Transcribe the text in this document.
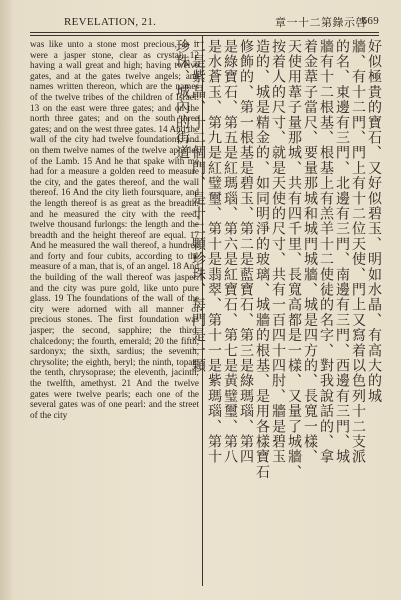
REVELATION, 21.	章一十二第錄示啓
669

was like unto a stone most precious, as it were a jasper stone, clear as crystal; 12 having a wall great and high; having twelve gates, and at the gates twelve angels; and names written thereon, which are the names of the twelve tribes of the children of Israel: 13 on the east were three gates; and on the north three gates; and on the south three gates; and on the west three gates. 14 And the wall of the city had twelve foundations, and on them twelve names of the twelve apostles of the Lamb. 15 And he that spake with me had for a measure a golden reed to measure the city, and the gates thereof, and the wall thereof. 16 And the city lieth foursquare, and the length thereof is as great as the breadth: and he measured the city with the reed, twelve thousand furlongs: the length and the breadth and the height thereof are equal. 17 And he measured the wall thereof, a hundred and forty and four cubits, according to the measure of a man, that is, of an angel. 18 And the building of the wall thereof was jasper: and the city was pure gold, like unto pure glass. 19 The foundations of the wall of the city were adorned with all manner of precious stones. The first foundation was jasper; the second, sapphire; the third, chalcedony; the fourth, emerald; 20 the fifth, sardonyx; the sixth, sardius; the seventh, chrysolite; the eighth, beryl; the ninth, topaz; the tenth, chrysoprase; the eleventh, jacinth; the twelfth, amethyst. 21 And the twelve gates were twelve pearls; each one of the several gates was of one pearl: and the street of the city

好似極貴的寶石、又好似碧玉、明如水晶、有高大的城
牆、有十二門、門上有十二位天使、門上又寫着以色列十二支派
的名、東邊有三門、北邊有三門、南邊有三門、西邊有三門、城
牆有十二根基、根基上有羔羊十二使徒的名字、對我說話的、拿
着金葦子當尺、要量那城和城門城牆、城是四方的、長寬一樣、
天使用葦子量那城、共有四千里、長寬高都是一樣、又量了城牆、
按着人的尺寸、就是天使的尺寸、共有一百四十四肘、牆是碧玉
造的、城是精金的、如同明淨的玻璃、城牆的根基、是用各樣寶石
修飾的、第一根基是碧玉、第二是藍寶石、第三是綠瑪瑙、第四
是綠寶石、第五是紅瑪瑙、第六是紅寶石、第七是黃璧璽、第八
是水蒼玉、第九是紅璧璽、第十是翡翠、第十一是紫瑪瑙、第十
二是紫晶、十二個門、是十二顆珍珠、每門是一顆
珍珠、城內的街道
